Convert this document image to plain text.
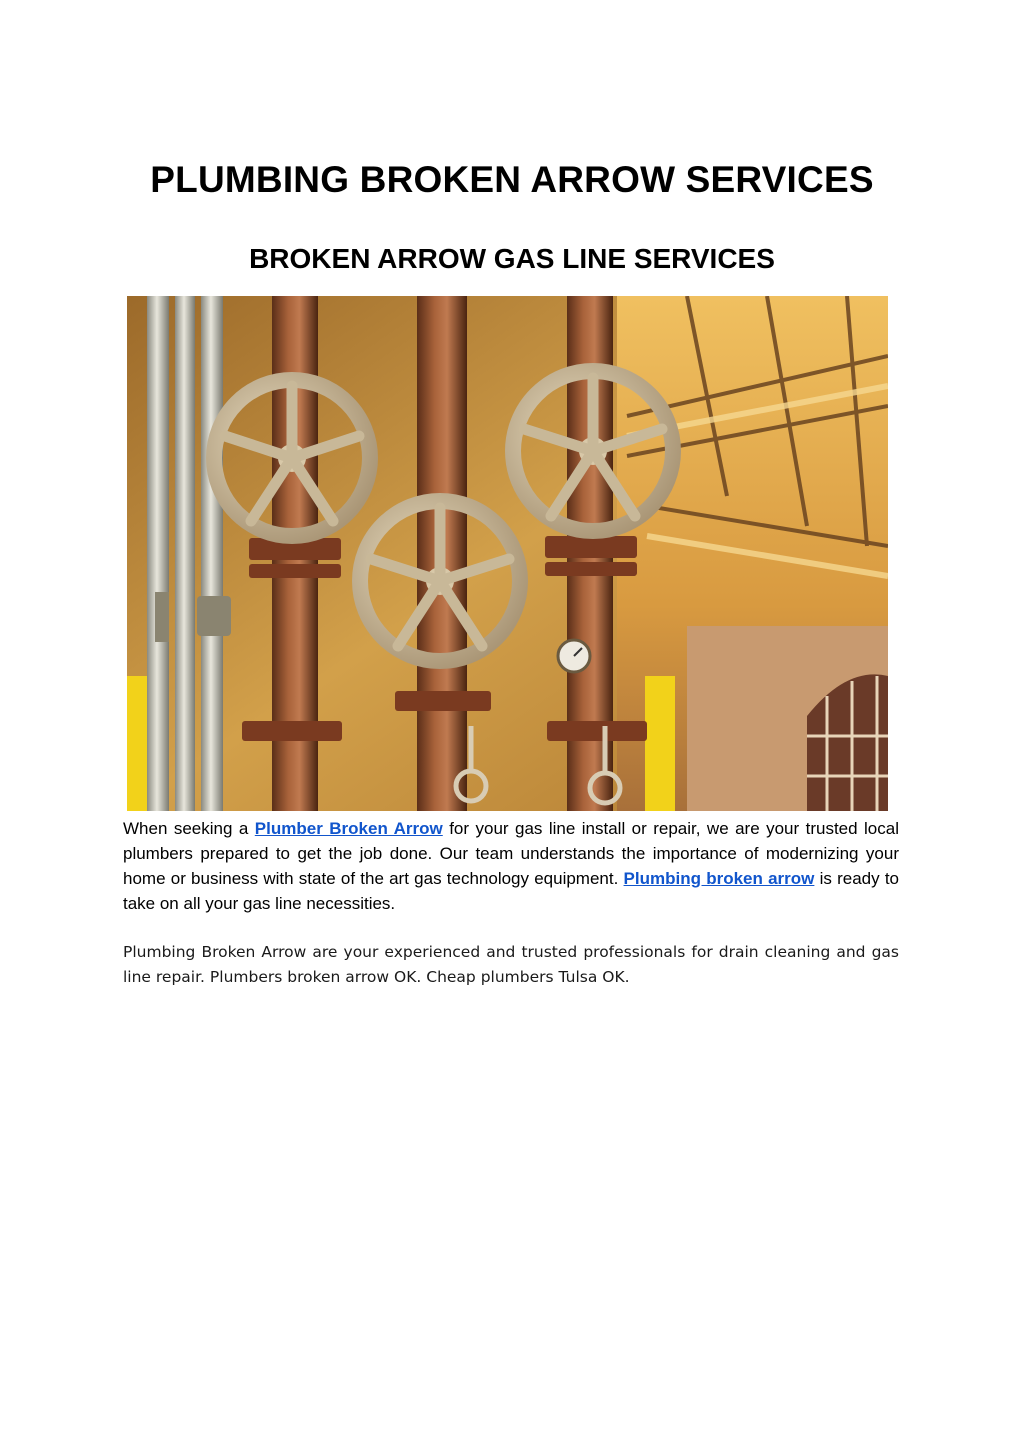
PLUMBING BROKEN ARROW SERVICES
BROKEN ARROW GAS LINE SERVICES

When seeking a Plumber Broken Arrow for your gas line install or repair, we are your trusted local plumbers prepared to get the job done. Our team understands the importance of modernizing your home or business with state of the art gas technology equipment. Plumbing broken arrow is ready to take on all your gas line necessities.

Plumbing Broken Arrow are your experienced and trusted professionals for drain cleaning and gas line repair. Plumbers broken arrow OK. Cheap plumbers Tulsa OK.
